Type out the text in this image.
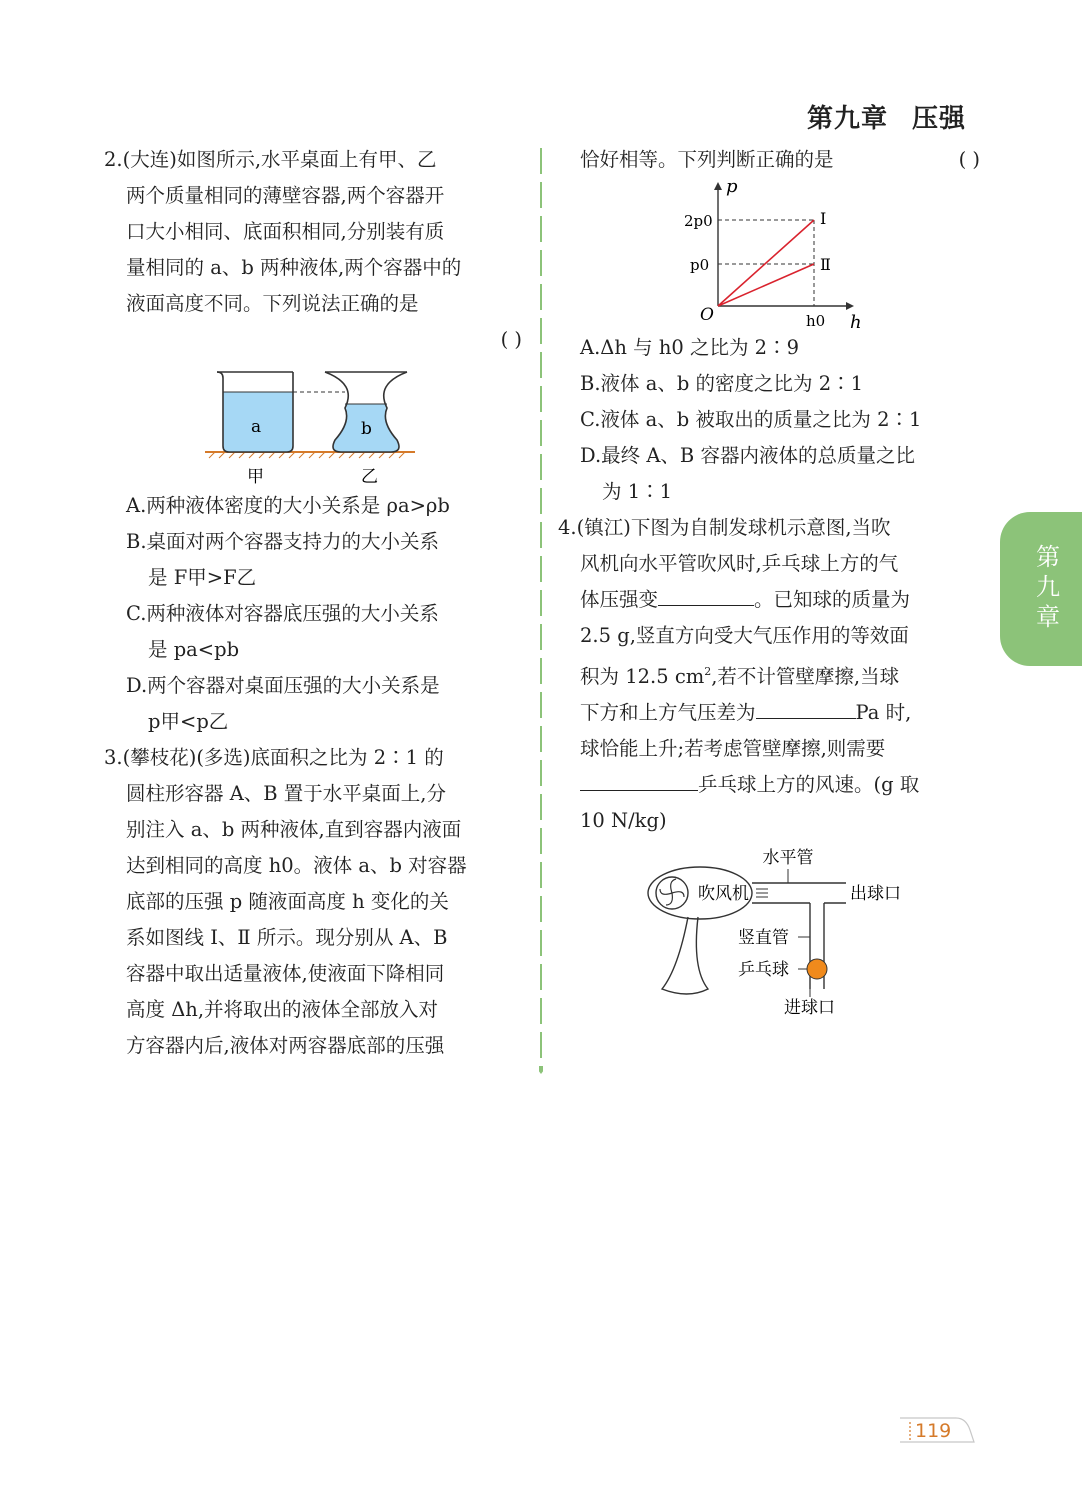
第九章 压强
2.(大连)如图所示,水平桌面上有甲、乙
两个质量相同的薄壁容器,两个容器开
口大小相同、底面积相同,分别装有质
量相同的 a、b 两种液体,两个容器中的
液面高度不同。下列说法正确的是
( )
a	b
甲	乙
A.两种液体密度的大小关系是 ρa>ρb
B.桌面对两个容器支持力的大小关系
是 F甲>F乙
C.两种液体对容器底压强的大小关系
是 pa<pb
D.两个容器对桌面压强的大小关系是
p甲<p乙
3.(攀枝花)(多选)底面积之比为 2∶1 的
圆柱形容器 A、B 置于水平桌面上,分
别注入 a、b 两种液体,直到容器内液面
达到相同的高度 h0。液体 a、b 对容器
底部的压强 p 随液面高度 h 变化的关
系如图线 Ⅰ、Ⅱ 所示。现分别从 A、B
容器中取出适量液体,使液面下降相同
高度 Δh,并将取出的液体全部放入对
方容器内后,液体对两容器底部的压强
恰好相等。下列判断正确的是	( )
p
h
O
2p0
p0
h0
Ⅰ
Ⅱ
A.Δh 与 h0 之比为 2∶9
B.液体 a、b 的密度之比为 2∶1
C.液体 a、b 被取出的质量之比为 2∶1
D.最终 A、B 容器内液体的总质量之比
为 1∶1
4.(镇江)下图为自制发球机示意图,当吹
风机向水平管吹风时,乒乓球上方的气
体压强变	。已知球的质量为
2.5 g,竖直方向受大气压作用的等效面
积为 12.5 $cm^2$,若不计管壁摩擦,当球
下方和上方气压差为	Pa 时,
球恰能上升;若考虑管壁摩擦,则需要
乒乓球上方的风速。(g 取
10 N/kg)
水平管
吹风机	出球口
竖直管
乒乓球
进球口
第
九
章
119
